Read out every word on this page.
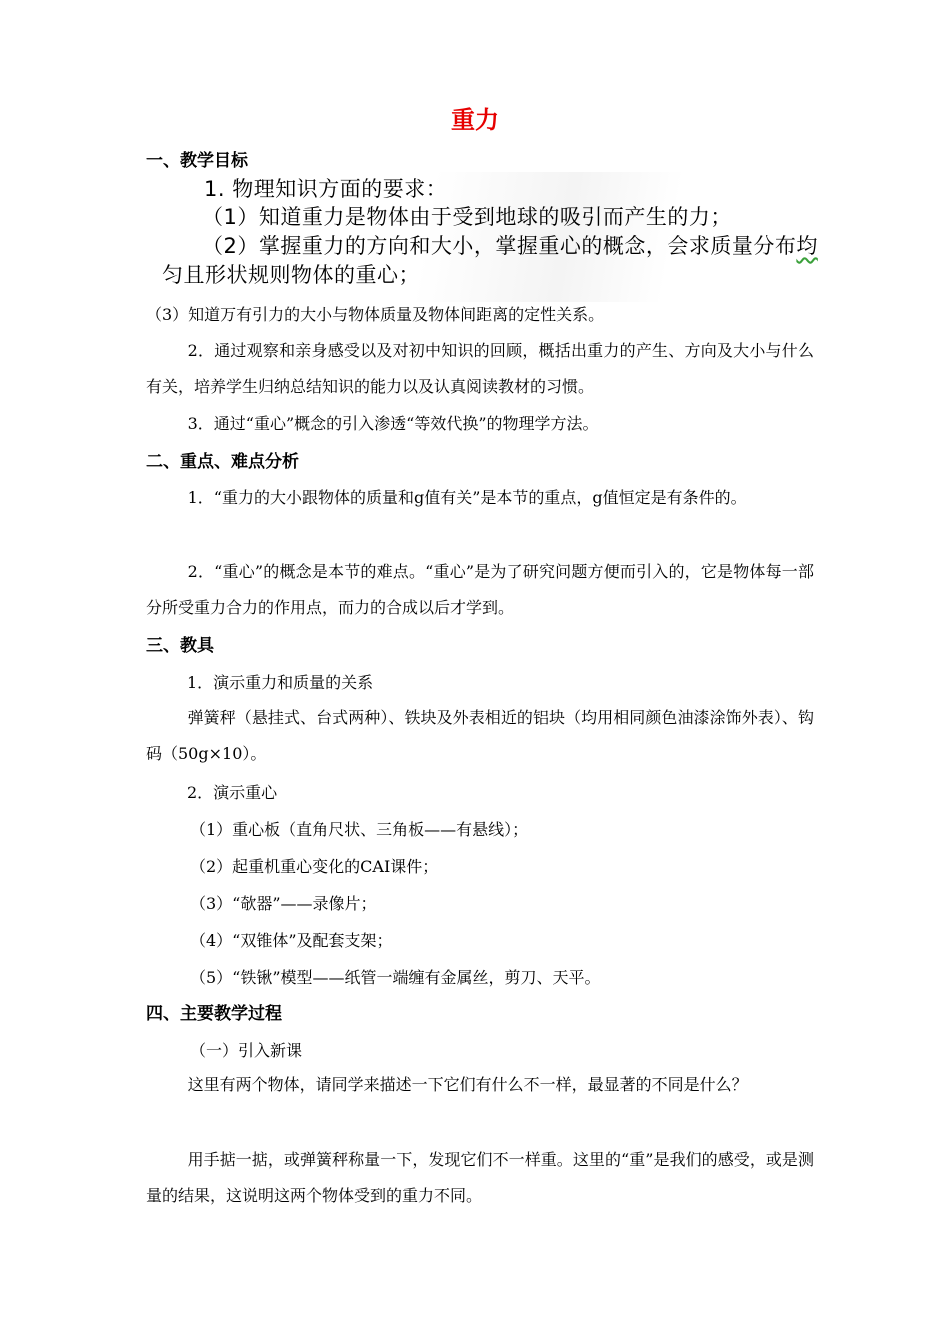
重力
一、教学目标
1. 物理知识方面的要求：
（1）知道重力是物体由于受到地球的吸引而产生的力；
（2）掌握重力的方向和大小，掌握重心的概念，会求质量分布均
匀且形状规则物体的重心；
（3）知道万有引力的大小与物体质量及物体间距离的定性关系。
2．通过观察和亲身感受以及对初中知识的回顾，概括出重力的产生、方向及大小与什么有关，培养学生归纳总结知识的能力以及认真阅读教材的习惯。
3．通过“重心”概念的引入渗透“等效代换”的物理学方法。
二、重点、难点分析
1．“重力的大小跟物体的质量和g值有关”是本节的重点，g值恒定是有条件的。
2．“重心”的概念是本节的难点。“重心”是为了研究问题方便而引入的，它是物体每一部分所受重力合力的作用点，而力的合成以后才学到。
三、教具
1．演示重力和质量的关系
弹簧秤（悬挂式、台式两种）、铁块及外表相近的铝块（均用相同颜色油漆涂饰外表）、钩码（50g×10）。
2．演示重心
（1）重心板（直角尺状、三角板——有悬线）；
（2）起重机重心变化的CAI课件；
（3）“欹器”——录像片；
（4）“双锥体”及配套支架；
（5）“铁锹”模型——纸管一端缠有金属丝，剪刀、天平。
四、主要教学过程
（一）引入新课
这里有两个物体，请同学来描述一下它们有什么不一样，最显著的不同是什么？
用手掂一掂，或弹簧秤称量一下，发现它们不一样重。这里的“重”是我们的感受，或是测量的结果，这说明这两个物体受到的重力不同。
